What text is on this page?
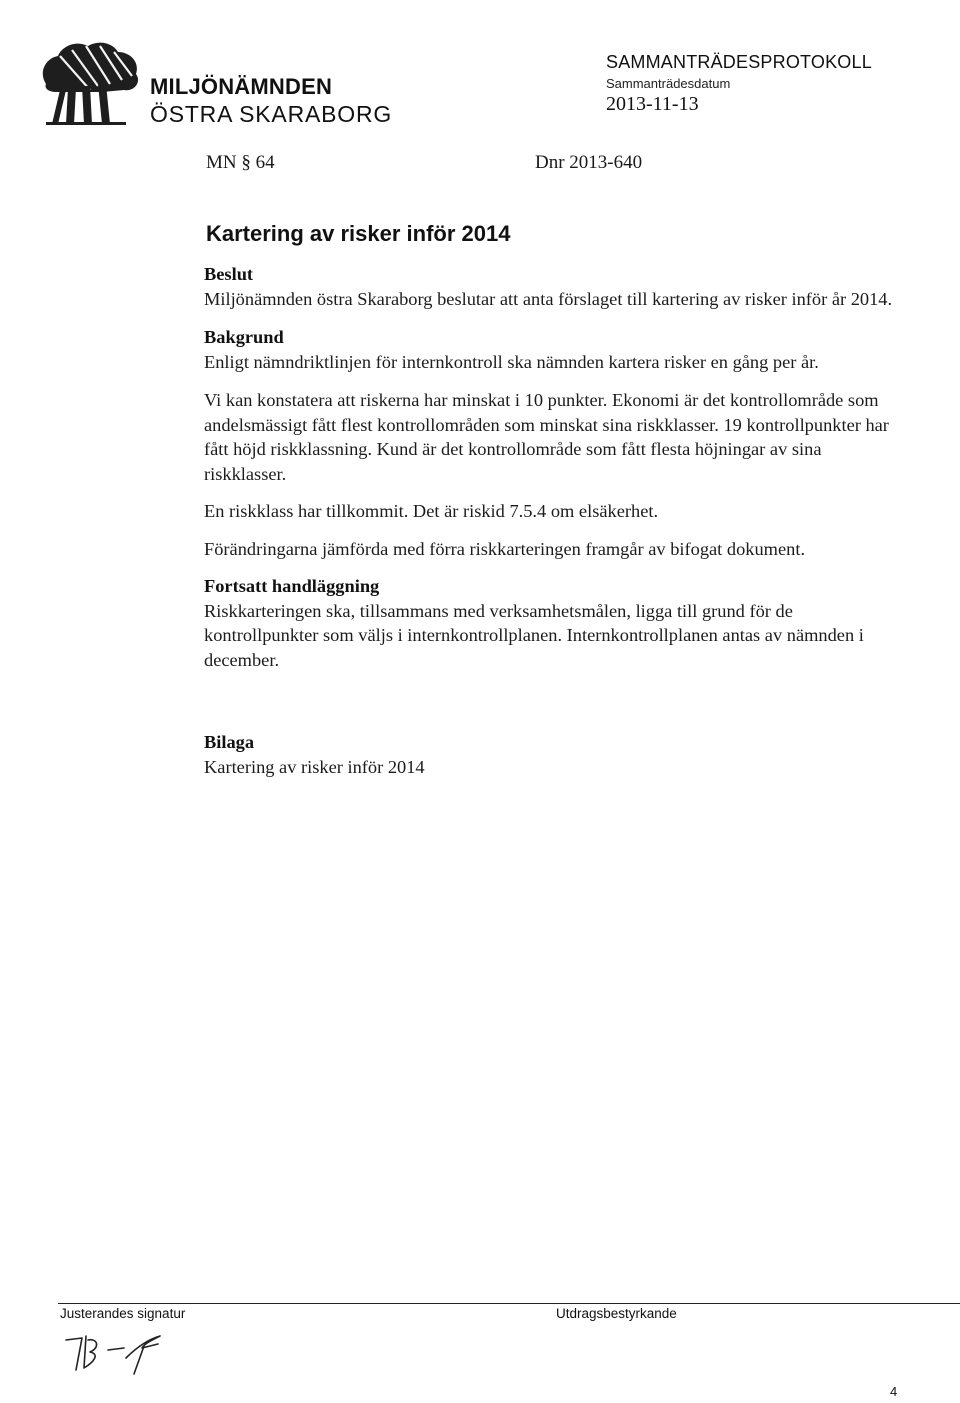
MILJÖNÄMNDEN
ÖSTRA SKARABORG
SAMMANTRÄDESPROTOKOLL
Sammanträdesdatum
2013-11-13
MN § 64	Dnr 2013-640
Kartering av risker inför 2014
Beslut

Miljönämnden östra Skaraborg beslutar att anta förslaget till kartering av risker inför år 2014.

Bakgrund

Enligt nämndriktlinjen för internkontroll ska nämnden kartera risker en gång per år.

Vi kan konstatera att riskerna har minskat i 10 punkter. Ekonomi är det kontrollområde som andelsmässigt fått flest kontrollområden som minskat sina riskklasser. 19 kontrollpunkter har fått höjd riskklassning. Kund är det kontrollområde som fått flesta höjningar av sina riskklasser.

En riskklass har tillkommit. Det är riskid 7.5.4 om elsäkerhet.

Förändringarna jämförda med förra riskkarteringen framgår av bifogat dokument.

Fortsatt handläggning

Riskkarteringen ska, tillsammans med verksamhetsmålen, ligga till grund för de kontrollpunkter som väljs i internkontrollplanen. Internkontrollplanen antas av nämnden i december.

Bilaga

Kartering av risker inför 2014

Justerandes signatur	Utdragsbestyrkande
4
